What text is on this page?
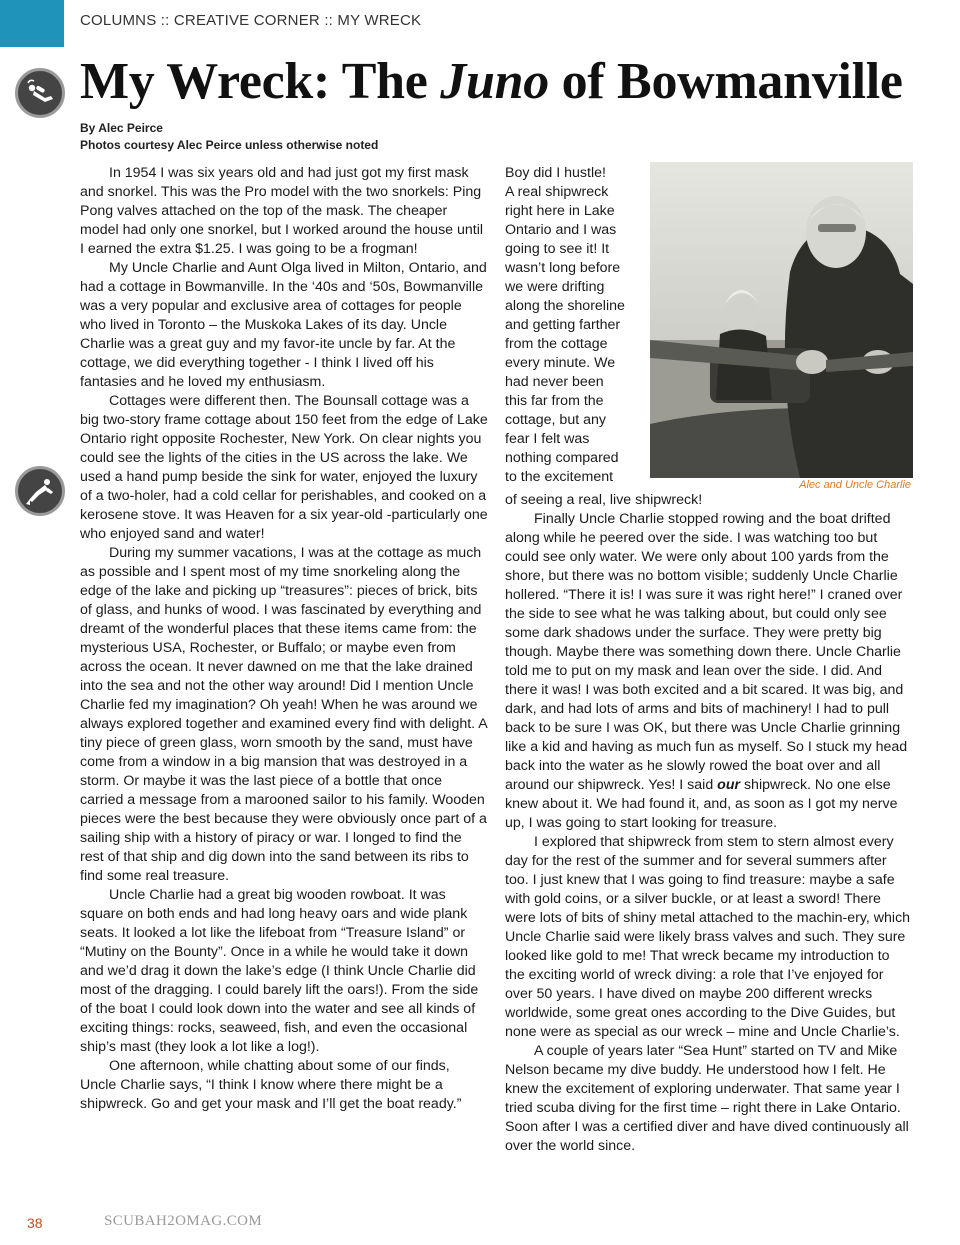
COLUMNS :: CREATIVE CORNER :: MY WRECK
My Wreck: The Juno of Bowmanville
By Alec Peirce
Photos courtesy Alec Peirce unless otherwise noted

In 1954 I was six years old and had just got my first mask and snorkel. This was the Pro model with the two snorkels: Ping Pong valves attached on the top of the mask. The cheaper model had only one snorkel, but I worked around the house until I earned the extra $1.25. I was going to be a frogman!

My Uncle Charlie and Aunt Olga lived in Milton, Ontario, and had a cottage in Bowmanville. In the ‘40s and ‘50s, Bowmanville was a very popular and exclusive area of cottages for people who lived in Toronto – the Muskoka Lakes of its day. Uncle Charlie was a great guy and my favor-ite uncle by far. At the cottage, we did everything together - I think I lived off his fantasies and he loved my enthusiasm.

Cottages were different then. The Bounsall cottage was a big two-story frame cottage about 150 feet from the edge of Lake Ontario right opposite Rochester, New York. On clear nights you could see the lights of the cities in the US across the lake. We used a hand pump beside the sink for water, enjoyed the luxury of a two-holer, had a cold cellar for perishables, and cooked on a kerosene stove. It was Heaven for a six year-old -particularly one who enjoyed sand and water!

During my summer vacations, I was at the cottage as much as possible and I spent most of my time snorkeling along the edge of the lake and picking up “treasures”: pieces of brick, bits of glass, and hunks of wood. I was fascinated by everything and dreamt of the wonderful places that these items came from: the mysterious USA, Rochester, or Buffalo; or maybe even from across the ocean. It never dawned on me that the lake drained into the sea and not the other way around! Did I mention Uncle Charlie fed my imagination? Oh yeah! When he was around we always explored together and examined every find with delight. A tiny piece of green glass, worn smooth by the sand, must have come from a window in a big mansion that was destroyed in a storm. Or maybe it was the last piece of a bottle that once carried a message from a marooned sailor to his family. Wooden pieces were the best because they were obviously once part of a sailing ship with a history of piracy or war. I longed to find the rest of that ship and dig down into the sand between its ribs to find some real treasure.

Uncle Charlie had a great big wooden rowboat. It was square on both ends and had long heavy oars and wide plank seats. It looked a lot like the lifeboat from “Treasure Island” or “Mutiny on the Bounty”. Once in a while he would take it down and we’d drag it down the lake’s edge (I think Uncle Charlie did most of the dragging. I could barely lift the oars!). From the side of the boat I could look down into the water and see all kinds of exciting things: rocks, seaweed, fish, and even the occasional ship’s mast (they look a lot like a log!).

One afternoon, while chatting about some of our finds, Uncle Charlie says, “I think I know where there might be a shipwreck. Go and get your mask and I’ll get the boat ready.”

Boy did I hustle!
A real shipwreck
right here in Lake
Ontario and I was
going to see it! It
wasn’t long before
we were drifting
along the shoreline
and getting farther
from the cottage
every minute. We
had never been
this far from the
cottage, but any
fear I felt was
nothing compared
to the excitement	Alec and Uncle Charlie

of seeing a real, live shipwreck!

Finally Uncle Charlie stopped rowing and the boat drifted along while he peered over the side. I was watching too but could see only water. We were only about 100 yards from the shore, but there was no bottom visible; suddenly Uncle Charlie hollered. “There it is! I was sure it was right here!” I craned over the side to see what he was talking about, but could only see some dark shadows under the surface. They were pretty big though. Maybe there was something down there. Uncle Charlie told me to put on my mask and lean over the side. I did. And there it was! I was both excited and a bit scared. It was big, and dark, and had lots of arms and bits of machinery! I had to pull back to be sure I was OK, but there was Uncle Charlie grinning like a kid and having as much fun as myself. So I stuck my head back into the water as he slowly rowed the boat over and all around our shipwreck. Yes! I said our shipwreck. No one else knew about it. We had found it, and, as soon as I got my nerve up, I was going to start looking for treasure.

I explored that shipwreck from stem to stern almost every day for the rest of the summer and for several summers after too. I just knew that I was going to find treasure: maybe a safe with gold coins, or a silver buckle, or at least a sword! There were lots of bits of shiny metal attached to the machin-ery, which Uncle Charlie said were likely brass valves and such. They sure looked like gold to me! That wreck became my introduction to the exciting world of wreck diving: a role that I’ve enjoyed for over 50 years. I have dived on maybe 200 different wrecks worldwide, some great ones according to the Dive Guides, but none were as special as our wreck – mine and Uncle Charlie’s.

A couple of years later “Sea Hunt” started on TV and Mike Nelson became my dive buddy. He understood how I felt. He knew the excitement of exploring underwater. That same year I tried scuba diving for the first time – right there in Lake Ontario. Soon after I was a certified diver and have dived continuously all over the world since.

38	SCUBAH2OMAG.COM
